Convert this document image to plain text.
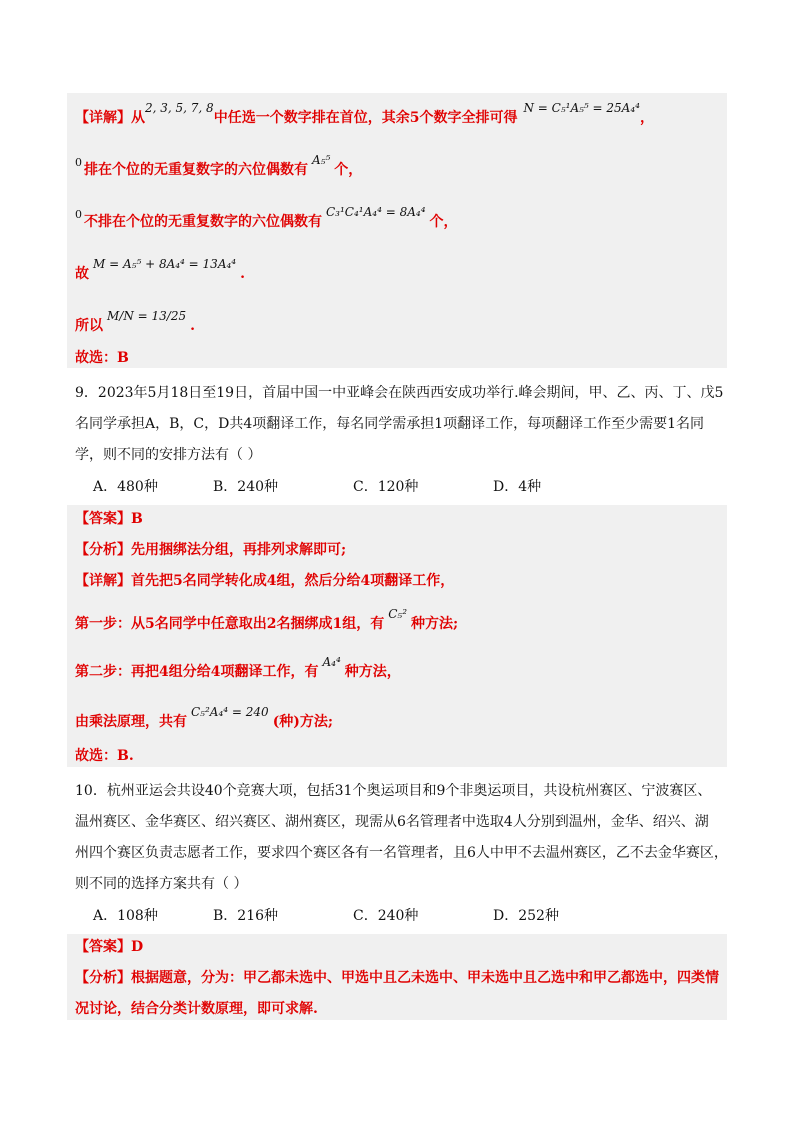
【详解】从2, 3, 5, 7, 8中任选一个数字排在首位，其余5个数字全排可得N = C₅¹A₅⁵ = 25A₄⁴，
$^0$ 排在个位的无重复数字的六位偶数有A₅⁵个，
$^0$ 不排在个位的无重复数字的六位偶数有C₃¹C₄¹A₄⁴ = 8A₄⁴个，
故M = A₅⁵ + 8A₄⁴ = 13A₄⁴.
所以M/N = 13/25.
故选：B
9．2023年5月18日至19日，首届中国一中亚峰会在陕西西安成功举行.峰会期间，甲、乙、丙、丁、戊5
名同学承担A，B，C，D共4项翻译工作，每名同学需承担1项翻译工作，每项翻译工作至少需要1名同
学，则不同的安排方法有（ ）
A．480种	B．240种	C．120种	D．4种
【答案】B
【分析】先用捆绑法分组，再排列求解即可;
【详解】首先把5名同学转化成4组，然后分给4项翻译工作，
第一步：从5名同学中任意取出2名捆绑成1组，有C₅²种方法;
第二步：再把4组分给4项翻译工作，有A₄⁴种方法，
由乘法原理，共有C₅²A₄⁴ = 240(种)方法;
故选：B.
10．杭州亚运会共设40个竞赛大项，包括31个奥运项目和9个非奥运项目，共设杭州赛区、宁波赛区、
温州赛区、金华赛区、绍兴赛区、湖州赛区，现需从6名管理者中选取4人分别到温州，金华、绍兴、湖
州四个赛区负责志愿者工作，要求四个赛区各有一名管理者，且6人中甲不去温州赛区，乙不去金华赛区，
则不同的选择方案共有（ ）
A．108种	B．216种	C．240种	D．252种
【答案】D
【分析】根据题意，分为：甲乙都未选中、甲选中且乙未选中、甲未选中且乙选中和甲乙都选中，四类情
况讨论，结合分类计数原理，即可求解.
